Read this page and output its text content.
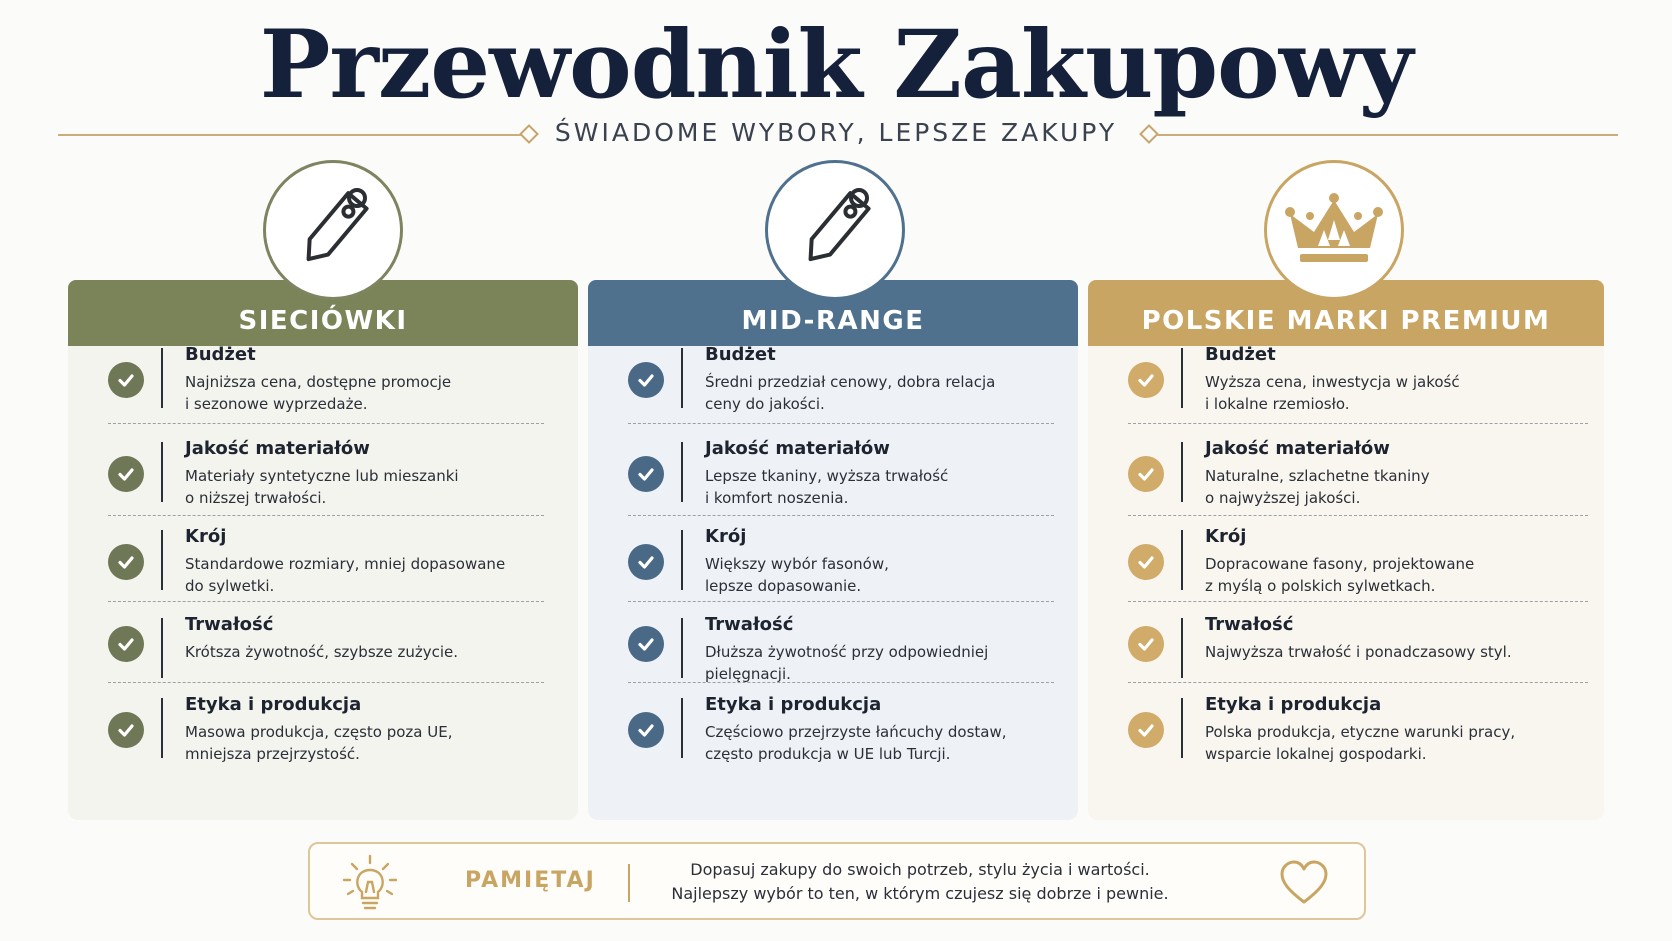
Przewodnik Zakupowy
ŚWIADOME WYBORY, LEPSZE ZAKUPY
SIECIÓWKI
Budżet
Najniższa cena, dostępne promocje
i sezonowe wyprzedaże.
Jakość materiałów
Materiały syntetyczne lub mieszanki
o niższej trwałości.
Krój
Standardowe rozmiary, mniej dopasowane
do sylwetki.
Trwałość
Krótsza żywotność, szybsze zużycie.
Etyka i produkcja
Masowa produkcja, często poza UE,
mniejsza przejrzystość.
MID-RANGE
Budżet
Średni przedział cenowy, dobra relacja
ceny do jakości.
Jakość materiałów
Lepsze tkaniny, wyższa trwałość
i komfort noszenia.
Krój
Większy wybór fasonów,
lepsze dopasowanie.
Trwałość
Dłuższa żywotność przy odpowiedniej
pielęgnacji.
Etyka i produkcja
Częściowo przejrzyste łańcuchy dostaw,
często produkcja w UE lub Turcji.
POLSKIE MARKI PREMIUM
Budżet
Wyższa cena, inwestycja w jakość
i lokalne rzemiosło.
Jakość materiałów
Naturalne, szlachetne tkaniny
o najwyższej jakości.
Krój
Dopracowane fasony, projektowane
z myślą o polskich sylwetkach.
Trwałość
Najwyższa trwałość i ponadczasowy styl.
Etyka i produkcja
Polska produkcja, etyczne warunki pracy,
wsparcie lokalnej gospodarki.
PAMIĘTAJ	Dopasuj zakupy do swoich potrzeb, stylu życia i wartości.
Najlepszy wybór to ten, w którym czujesz się dobrze i pewnie.
